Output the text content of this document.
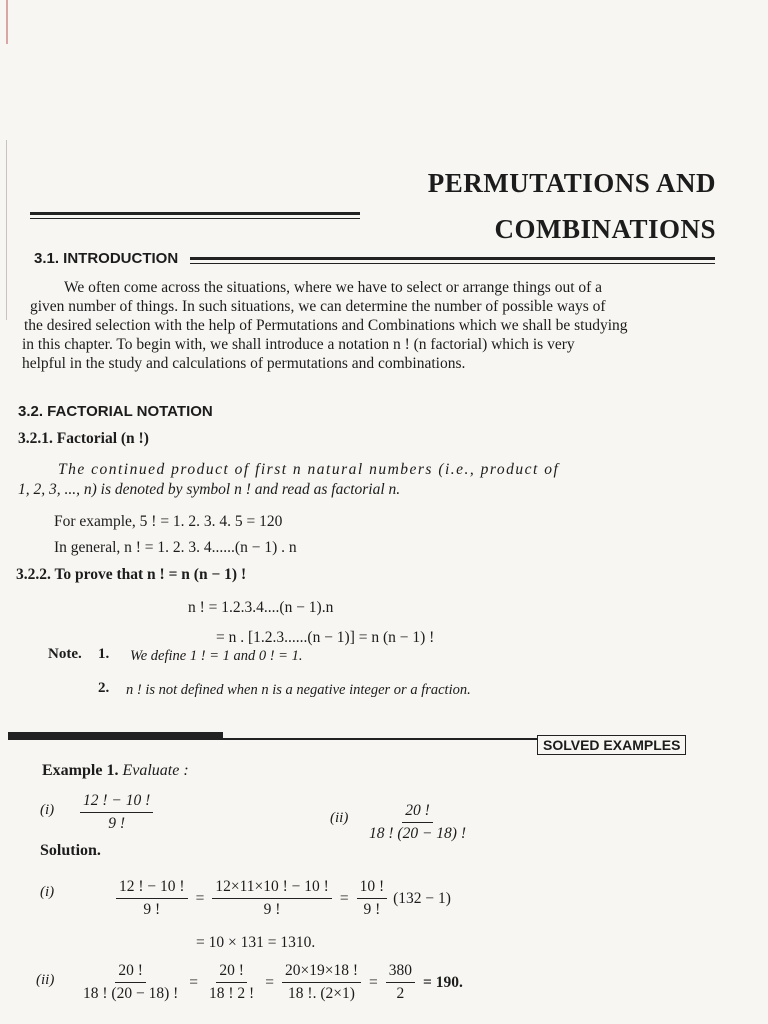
PERMUTATIONS AND
COMBINATIONS
3.1. INTRODUCTION
We often come across the situations, where we have to select or arrange things out of a
given number of things. In such situations, we can determine the number of possible ways of
the desired selection with the help of Permutations and Combinations which we shall be studying
in this chapter. To begin with, we shall introduce a notation n ! (n factorial) which is very
helpful in the study and calculations of permutations and combinations.
3.2. FACTORIAL NOTATION
3.2.1. Factorial (n !)
The continued product of first n natural numbers (i.e., product of
1, 2, 3, ..., n) is denoted by symbol n ! and read as factorial n.
For example, 5 ! = 1. 2. 3. 4. 5 = 120
In general, n ! = 1. 2. 3. 4......(n − 1) . n
3.2.2. To prove that n ! = n (n − 1) !
n ! = 1.2.3.4....(n − 1).n
= n . [1.2.3......(n − 1)] = n (n − 1) !
Note. 1. We define 1 ! = 1 and 0 ! = 1.
2. n ! is not defined when n is a negative integer or a fraction.
SOLVED EXAMPLES
Example 1. Evaluate :
$(i) \frac{12 ! - 10 !}{9 !}$	$(ii) \frac{20 !}{18 ! (20 - 18) !}$
Solution.
(i)	$\frac{12 ! - 10 !}{9 !} = \frac{12\times 11\times 10 ! - 10 !}{9 !} = \frac{10 !}{9 !} (132 - 1)$
= 10 × 131 = 1310.
$(ii) \frac{20 !}{18 ! (20 - 18) !} = \frac{20 !}{18 ! 2 !} = \frac{20\times 19\times 18 !}{18 !. (2\times 1)} = \frac{380}{2} = 190$.
